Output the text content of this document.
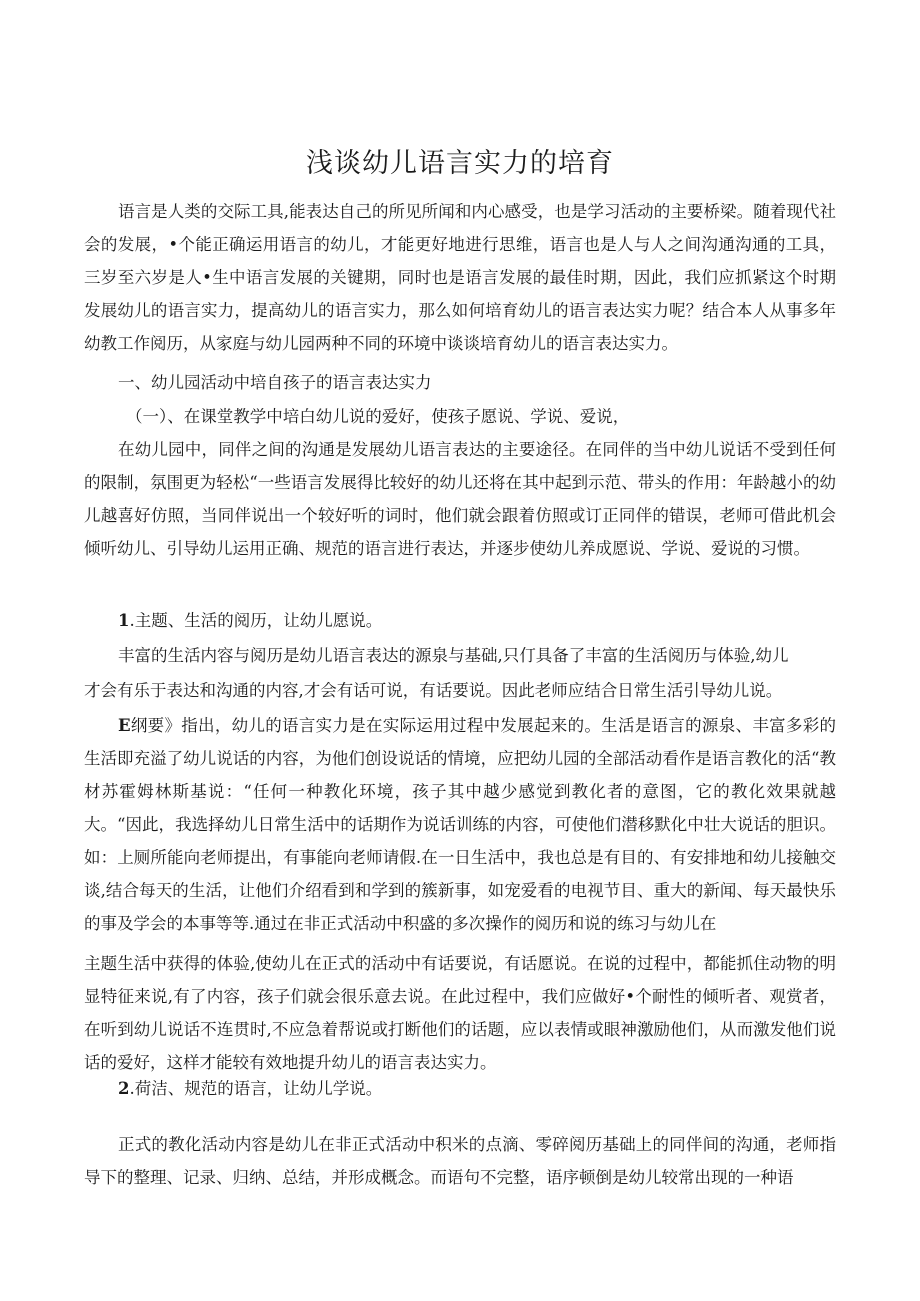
浅谈幼儿语言实力的培育

语言是人类的交际工具,能表达自己的所见所闻和内心感受，也是学习活动的主要桥梁。随着现代社会的发展，•个能正确运用语言的幼儿，才能更好地进行思维，语言也是人与人之间沟通沟通的工具，三岁至六岁是人•生中语言发展的关键期，同时也是语言发展的最佳时期，因此，我们应抓紧这个时期发展幼儿的语言实力，提高幼儿的语言实力，那么如何培育幼儿的语言表达实力呢？结合本人从事多年幼教工作阅历，从家庭与幼儿园两种不同的环境中谈谈培育幼儿的语言表达实力。

一、幼儿园活动中培自孩子的语言表达实力

（一）、在课堂教学中培白幼儿说的爱好，使孩子愿说、学说、爱说，

在幼儿园中，同伴之间的沟通是发展幼儿语言表达的主要途径。在同伴的当中幼儿说话不受到任何的限制，氛围更为轻松“一些语言发展得比较好的幼儿还将在其中起到示范、带头的作用：年龄越小的幼儿越喜好仿照，当同伴说出一个较好听的词时，他们就会跟着仿照或订正同伴的错误，老师可借此机会倾听幼儿、引导幼儿运用正确、规范的语言进行表达，并逐步使幼儿养成愿说、学说、爱说的习惯。

1.主题、生活的阅历，让幼儿愿说。

丰富的生活内容与阅历是幼儿语言表达的源泉与基础,只仃具备了丰富的生活阅历与体验,幼儿

才会有乐于表达和沟通的内容,才会有话可说，有话要说。因此老师应结合日常生活引导幼儿说。

E纲要》指出，幼儿的语言实力是在实际运用过程中发展起来的。生活是语言的源泉、丰富多彩的生活即充溢了幼儿说话的内容，为他们创设说话的情境，应把幼儿园的全部活动看作是语言教化的活“教材苏霍姆林斯基说：“任何一种教化环境，孩子其中越少感觉到教化者的意图，它的教化效果就越大。“因此，我选择幼儿日常生活中的话期作为说话训练的内容，可使他们潜移默化中壮大说话的胆识。如：上厕所能向老师提出，有事能向老师请假.在一日生活中，我也总是有目的、有安排地和幼儿接触交谈,结合每天的生活，让他们介绍看到和学到的簇新事，如宠爱看的电视节目、重大的新闻、每天最快乐的事及学会的本事等等.通过在非正式活动中积盛的多次操作的阅历和说的练习与幼儿在

主题生活中获得的体验,使幼儿在正式的活动中有话要说，有话愿说。在说的过程中，都能抓住动物的明显特征来说,有了内容，孩子们就会很乐意去说。在此过程中，我们应做好•个耐性的倾听者、观赏者，在听到幼儿说话不连贯时,不应急着帮说或打断他们的话题，应以表情或眼神激励他们，从而激发他们说话的爱好，这样才能较有效地提升幼儿的语言表达实力。

2.荷洁、规范的语言，让幼儿学说。

正式的教化活动内容是幼儿在非正式活动中积米的点滴、零碎阅历基础上的同伴间的沟通，老师指导下的整理、记录、归纳、总结，并形成概念。而语句不完整，语序顿倒是幼儿较常出现的一种语
